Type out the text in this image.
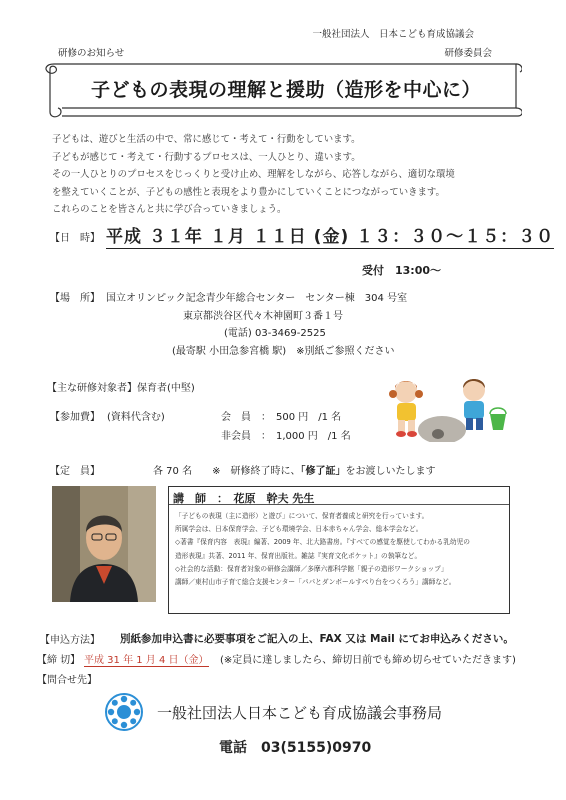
一般社団法人　日本こども育成協議会
研修のお知らせ	研修委員会
子どもの表現の理解と援助（造形を中心に）

子どもは、遊びと生活の中で、常に感じて・考えて・行動をしています。

子どもが感じて・考えて・行動するプロセスは、一人ひとり、違います。

その一人ひとりのプロセスをじっくりと受け止め、理解をしながら、応答しながら、適切な環境

を整えていくことが、子どもの感性と表現をより豊かにしていくことにつながっていきます。

これらのことを皆さんと共に学び合っていきましょう。

【日　時】 平成 ３１年 １月 １１日 (金) １３：３０～１５：３０
受付　13:00～
【場　所】 国立オリンピック記念青少年総合センター　センター棟　304 号室
東京都渋谷区代々木神園町３番１号
(電話) 03-3469-2525
(最寄駅 小田急参宮橋 駅)　※別紙ご参照ください
【主な研修対象者】保育者(中堅)
【参加費】 (資料代含む)	会　員　：　500 円　/1 名
非会員　：　1,000 円　/1 名
【定　員】	各 70 名　　※　研修終了時に、「修了証」をお渡しいたします
講　師　：　花原　幹夫 先生

「子どもの表現（主に造形）と遊び」について、保育者養成と研究を行っています。

所属学会は、日本保育学会、子ども環境学会、日本赤ちゃん学会、総本学会など。

◇著書『保育内容　表現』編著、2009 年、北大路書房。『すべての感覚を駆使してわかる乳幼児の

造形表現』共著、2011 年、保育出版社。雑誌『実育文化ポケット』の執筆など。

◇社会的な活動：保育者対象の研修会講師／多摩六都科学館「親子の造形ワークショップ」

講師／東村山市子育て総合支援センター「パパとダンボールすべり台をつくろう」講師など。

【申込方法】 別紙参加申込書に必要事項をご記入の上、FAX 又は Mail にてお申込みください。
【締 切】 平成 31 年 1 月 4 日（金） (※定員に達しましたら、締切日前でも締め切らせていただきます)
【問合せ先】
一般社団法人日本こども育成協議会事務局
電話　03(5155)0970
